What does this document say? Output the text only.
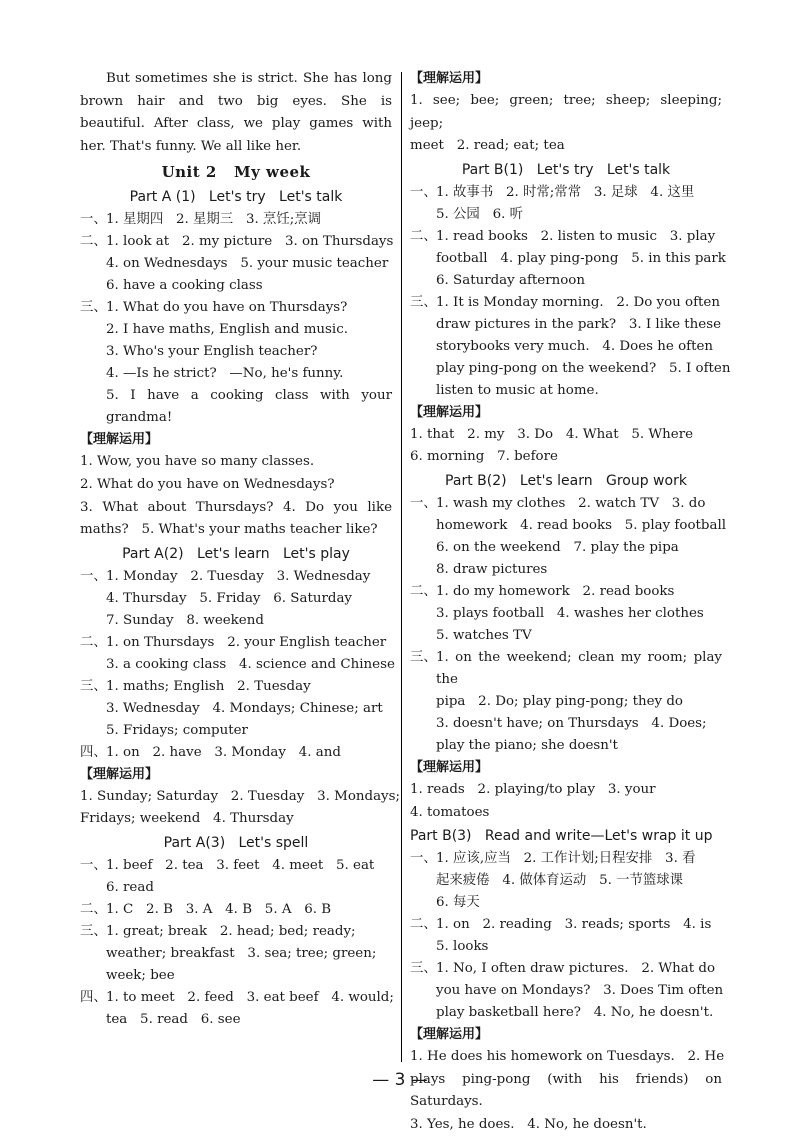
But sometimes she is strict. She has long

brown hair and two big eyes. She is

beautiful. After class, we play games with

her. That's funny. We all like her.

Unit 2   My week
Part A (1)   Let's try   Let's talk
一、 1. 星期四   2. 星期三   3. 烹饪;烹调

二、 1. look at   2. my picture   3. on Thursdays

4. on Wednesdays   5. your music teacher

6. have a cooking class

三、 1. What do you have on Thursdays?

2. I have maths, English and music.

3. Who's your English teacher?

4. —Is he strict?   —No, he's funny.

5. I have a cooking class with your

grandma!

【理解运用】

1. Wow, you have so many classes.

2. What do you have on Wednesdays?

3. What about Thursdays? 4. Do you like

maths?   5. What's your maths teacher like?

Part A(2)   Let's learn   Let's play
一、 1. Monday   2. Tuesday   3. Wednesday

4. Thursday   5. Friday   6. Saturday

7. Sunday   8. weekend

二、 1. on Thursdays   2. your English teacher

3. a cooking class   4. science and Chinese

三、 1. maths; English   2. Tuesday

3. Wednesday   4. Mondays; Chinese; art

5. Fridays; computer

四、 1. on   2. have   3. Monday   4. and

【理解运用】

1. Sunday; Saturday   2. Tuesday   3. Mondays;

Fridays; weekend   4. Thursday

Part A(3)   Let's spell
一、 1. beef   2. tea   3. feet   4. meet   5. eat

6. read

二、 1. C   2. B   3. A   4. B   5. A   6. B

三、 1. great; break   2. head; bed; ready;

weather; breakfast   3. sea; tree; green;

week; bee

四、 1. to meet   2. feed   3. eat beef   4. would;

tea   5. read   6. see

【理解运用】

1. see; bee; green; tree; sheep; sleeping; jeep;

meet   2. read; eat; tea

Part B(1)   Let's try   Let's talk
一、 1. 故事书   2. 时常;常常   3. 足球   4. 这里

5. 公园   6. 听

二、 1. read books   2. listen to music   3. play

football   4. play ping-pong   5. in this park

6. Saturday afternoon

三、 1. It is Monday morning.   2. Do you often

draw pictures in the park?   3. I like these

storybooks very much.   4. Does he often

play ping-pong on the weekend?   5. I often

listen to music at home.

【理解运用】

1. that   2. my   3. Do   4. What   5. Where

6. morning   7. before

Part B(2)   Let's learn   Group work
一、 1. wash my clothes   2. watch TV   3. do

homework   4. read books   5. play football

6. on the weekend   7. play the pipa

8. draw pictures

二、 1. do my homework   2. read books

3. plays football   4. washes her clothes

5. watches TV

三、 1. on the weekend; clean my room; play the

pipa   2. Do; play ping-pong; they do

3. doesn't have; on Thursdays   4. Does;

play the piano; she doesn't

【理解运用】

1. reads   2. playing/to play   3. your

4. tomatoes

Part B(3)   Read and write—Let's wrap it up
一、 1. 应该,应当   2. 工作计划;日程安排   3. 看

起来疲倦   4. 做体育运动   5. 一节篮球课

6. 每天

二、 1. on   2. reading   3. reads; sports   4. is

5. looks

三、 1. No, I often draw pictures.   2. What do

you have on Mondays?   3. Does Tim often

play basketball here?   4. No, he doesn't.

【理解运用】

1. He does his homework on Tuesdays.   2. He

plays ping-pong (with his friends) on Saturdays.

3. Yes, he does.   4. No, he doesn't.

— 3 —
